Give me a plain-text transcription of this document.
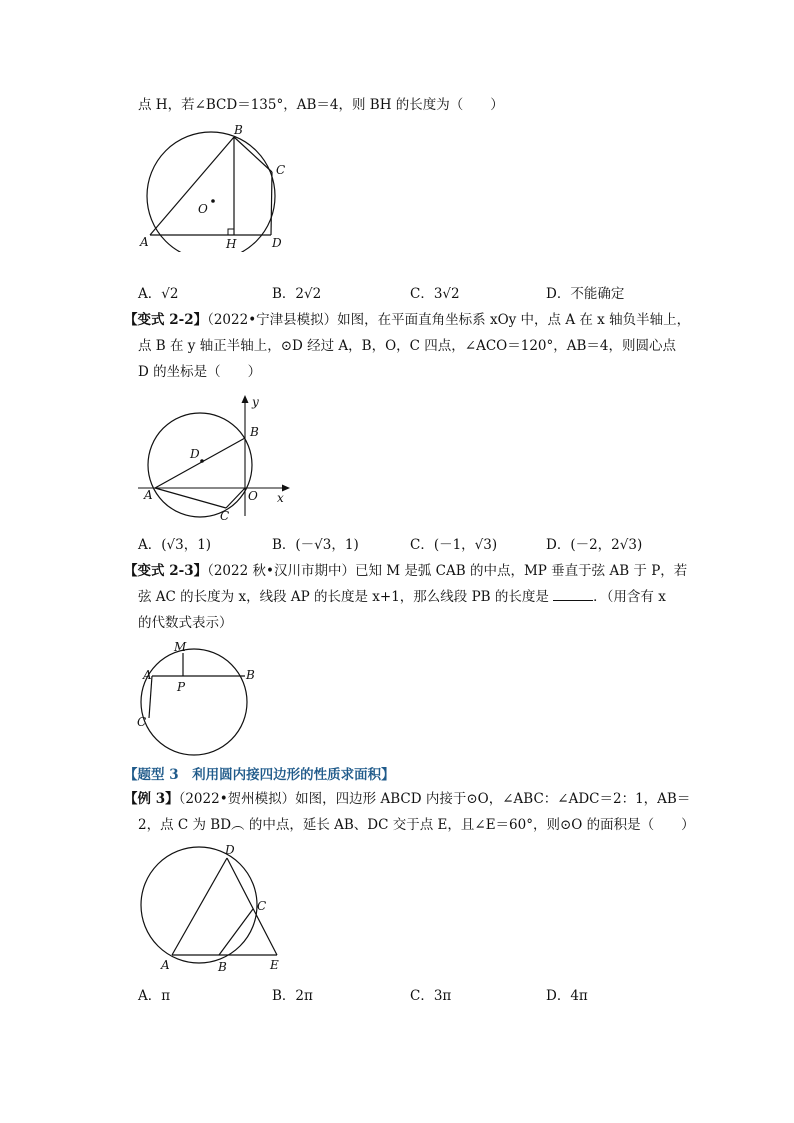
点 H，若∠BCD＝135°，AB＝4，则 BH 的长度为（　　）
A
B
C
D
H
O
A．√2	B．2√2	C．3√2	D．不能确定
【变式 2-2】（2022•宁津县模拟）如图，在平面直角坐标系 xOy 中，点 A 在 x 轴负半轴上，
点 B 在 y 轴正半轴上，⊙D 经过 A，B，O，C 四点，∠ACO＝120°，AB＝4，则圆心点
D 的坐标是（　　）
A
B
C
D
O x
y
A．(√3，1)	B．(－√3，1)	C．(－1，√3)	D．(－2，2√3)
【变式 2-3】（2022 秋•汉川市期中）已知 M 是弧 CAB 的中点，MP 垂直于弦 AB 于 P，若
弦 AC 的长度为 x，线段 AP 的长度是 x+1，那么线段 PB 的长度是	．（用含有 x
的代数式表示）
M
A	B
P
C
【题型 3　利用圆内接四边形的性质求面积】
【例 3】（2022•贺州模拟）如图，四边形 ABCD 内接于⊙O，∠ABC：∠ADC＝2：1，AB＝
2，点 C 为 BD︵ 的中点，延长 AB、DC 交于点 E，且∠E＝60°，则⊙O 的面积是（　　）
D
C
A	B	E
A．π	B．2π	C．3π	D．4π
